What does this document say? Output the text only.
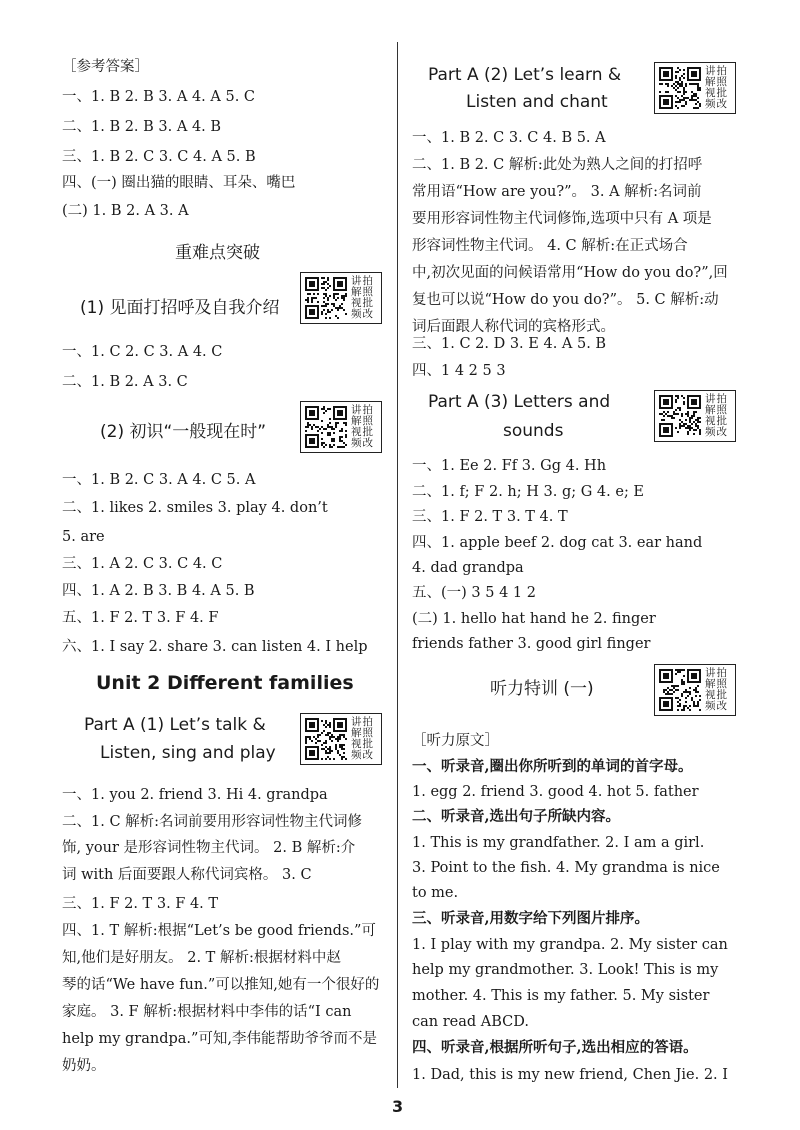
［参考答案］
一、1. B 2. B 3. A 4. A 5. C
二、1. B 2. B 3. A 4. B
三、1. B 2. C 3. C 4. A 5. B
四、(一) 圈出猫的眼睛、耳朵、嘴巴
(二) 1. B 2. A 3. A
重难点突破
(1) 见面打招呼及自我介绍
一、1. C 2. C 3. A 4. C
二、1. B 2. A 3. C
(2) 初识“一般现在时”
一、1. B 2. C 3. A 4. C 5. A
二、1. likes 2. smiles 3. play 4. don’t
5. are
三、1. A 2. C 3. C 4. C
四、1. A 2. B 3. B 4. A 5. B
五、1. F 2. T 3. F 4. F
六、1. I say 2. share 3. can listen 4. I help
Unit 2 Different families
Part A (1) Let’s talk &
Listen, sing and play
一、1. you 2. friend 3. Hi 4. grandpa
二、1. C 解析:名词前要用形容词性物主代词修
饰, your 是形容词性物主代词。 2. B 解析:介
词 with 后面要跟人称代词宾格。 3. C
三、1. F 2. T 3. F 4. T
四、1. T 解析:根据“Let’s be good friends.”可
知,他们是好朋友。 2. T 解析:根据材料中赵
琴的话“We have fun.”可以推知,她有一个很好的
家庭。 3. F 解析:根据材料中李伟的话“I can
help my grandpa.”可知,李伟能帮助爷爷而不是
奶奶。
Part A (2) Let’s learn &
Listen and chant
一、1. B 2. C 3. C 4. B 5. A
二、1. B 2. C 解析:此处为熟人之间的打招呼
常用语“How are you?”。 3. A 解析:名词前
要用形容词性物主代词修饰,选项中只有 A 项是
形容词性物主代词。 4. C 解析:在正式场合
中,初次见面的问候语常用“How do you do?”,回
复也可以说“How do you do?”。 5. C 解析:动
词后面跟人称代词的宾格形式。
三、1. C 2. D 3. E 4. A 5. B
四、1 4 2 5 3
Part A (3) Letters and
sounds
一、1. Ee 2. Ff 3. Gg 4. Hh
二、1. f; F 2. h; H 3. g; G 4. e; E
三、1. F 2. T 3. T 4. T
四、1. apple beef 2. dog cat 3. ear hand
4. dad grandpa
五、(一) 3 5 4 1 2
(二) 1. hello hat hand he 2. finger
friends father 3. good girl finger
听力特训 (一)
［听力原文］
一、听录音,圈出你所听到的单词的首字母。
1. egg 2. friend 3. good 4. hot 5. father
二、听录音,选出句子所缺内容。
1. This is my grandfather. 2. I am a girl.
3. Point to the fish. 4. My grandma is nice
to me.
三、听录音,用数字给下列图片排序。
1. I play with my grandpa. 2. My sister can
help my grandmother. 3. Look! This is my
mother. 4. This is my father. 5. My sister
can read ABCD.
四、听录音,根据所听句子,选出相应的答语。
1. Dad, this is my new friend, Chen Jie. 2. I
讲拍解照视批频改
讲拍解照视批频改
讲拍解照视批频改
讲拍解照视批频改
讲拍解照视批频改
讲拍解照视批频改
3
